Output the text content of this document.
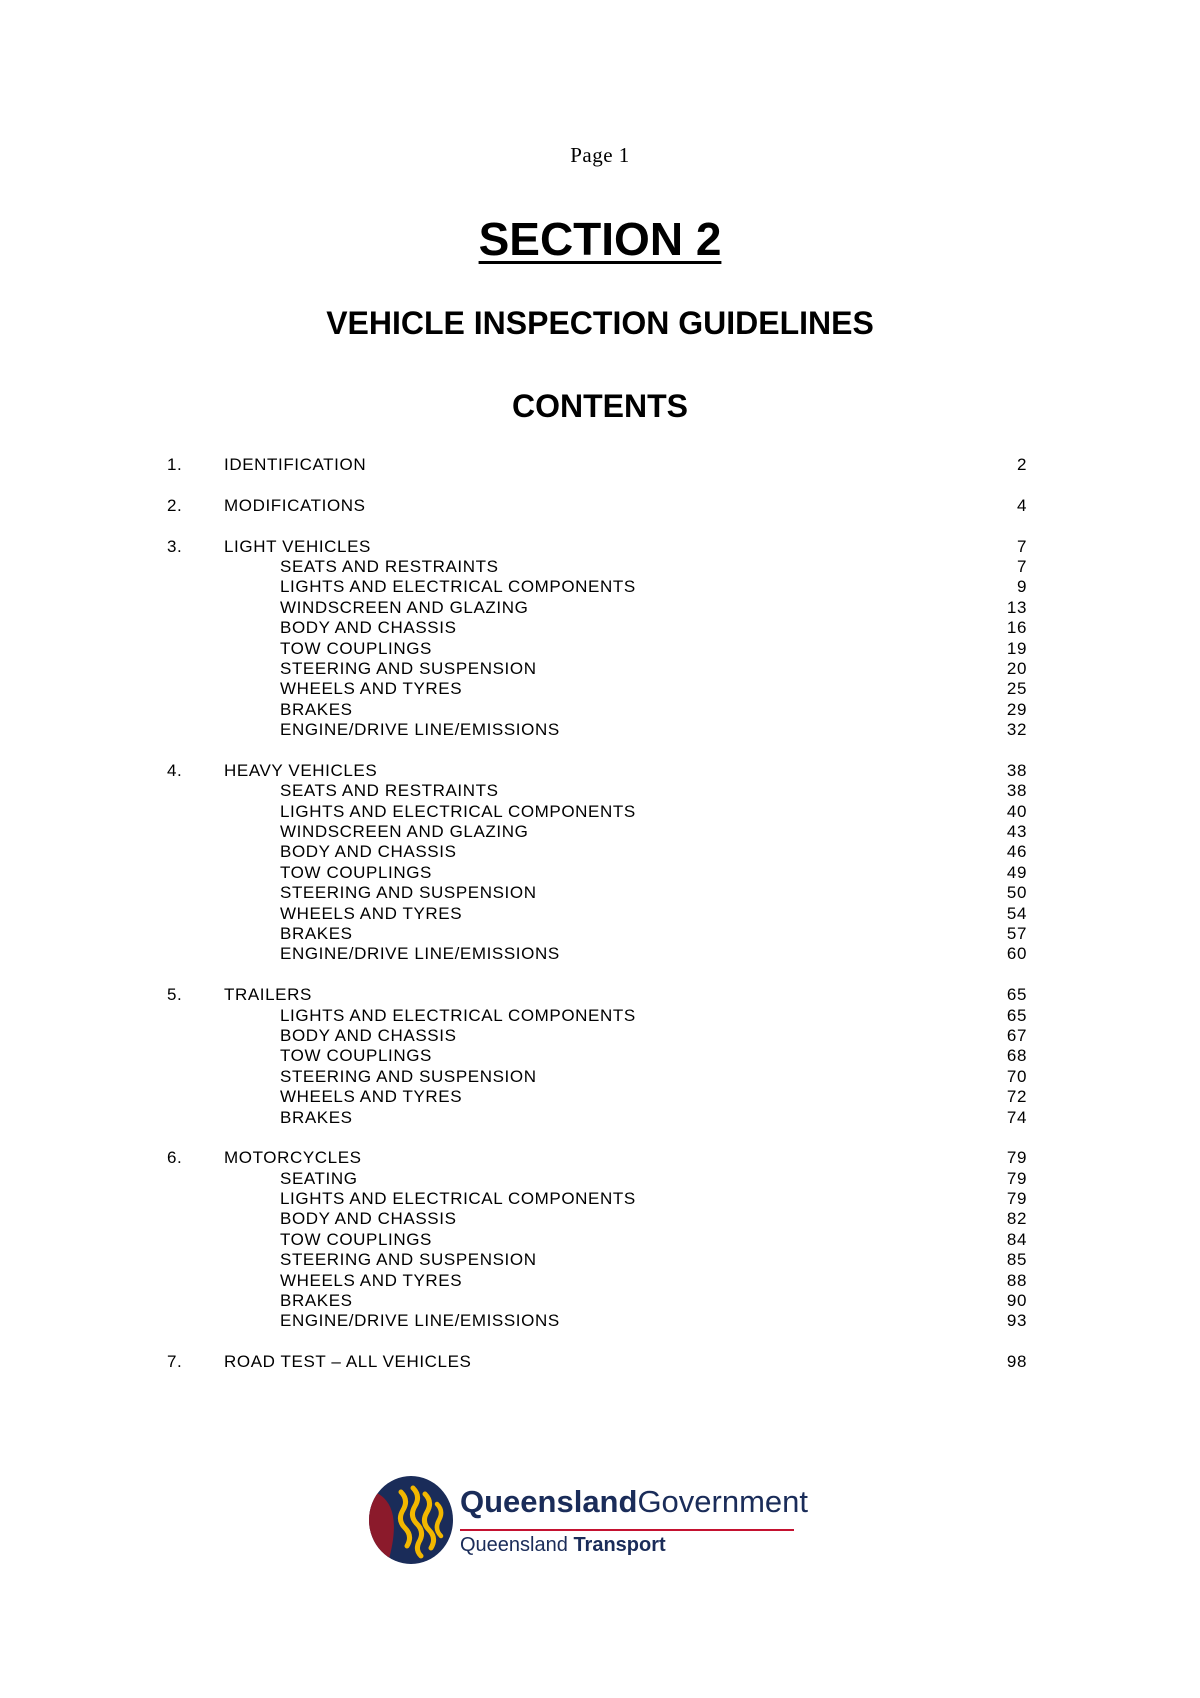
Page 1
SECTION 2
VEHICLE INSPECTION GUIDELINES
CONTENTS
1. IDENTIFICATION	2
2. MODIFICATIONS	4
3. LIGHT VEHICLES	7
SEATS AND RESTRAINTS	7
LIGHTS AND ELECTRICAL COMPONENTS	9
WINDSCREEN AND GLAZING	13
BODY AND CHASSIS	16
TOW COUPLINGS	19
STEERING AND SUSPENSION	20
WHEELS AND TYRES	25
BRAKES	29
ENGINE/DRIVE LINE/EMISSIONS	32
4. HEAVY VEHICLES	38
SEATS AND RESTRAINTS	38
LIGHTS AND ELECTRICAL COMPONENTS	40
WINDSCREEN AND GLAZING	43
BODY AND CHASSIS	46
TOW COUPLINGS	49
STEERING AND SUSPENSION	50
WHEELS AND TYRES	54
BRAKES	57
ENGINE/DRIVE LINE/EMISSIONS	60
5. TRAILERS	65
LIGHTS AND ELECTRICAL COMPONENTS	65
BODY AND CHASSIS	67
TOW COUPLINGS	68
STEERING AND SUSPENSION	70
WHEELS AND TYRES	72
BRAKES	74
6. MOTORCYCLES	79
SEATING	79
LIGHTS AND ELECTRICAL COMPONENTS	79
BODY AND CHASSIS	82
TOW COUPLINGS	84
STEERING AND SUSPENSION	85
WHEELS AND TYRES	88
BRAKES	90
ENGINE/DRIVE LINE/EMISSIONS	93
7. ROAD TEST – ALL VEHICLES	98
QueenslandGovernment
Queensland Transport
